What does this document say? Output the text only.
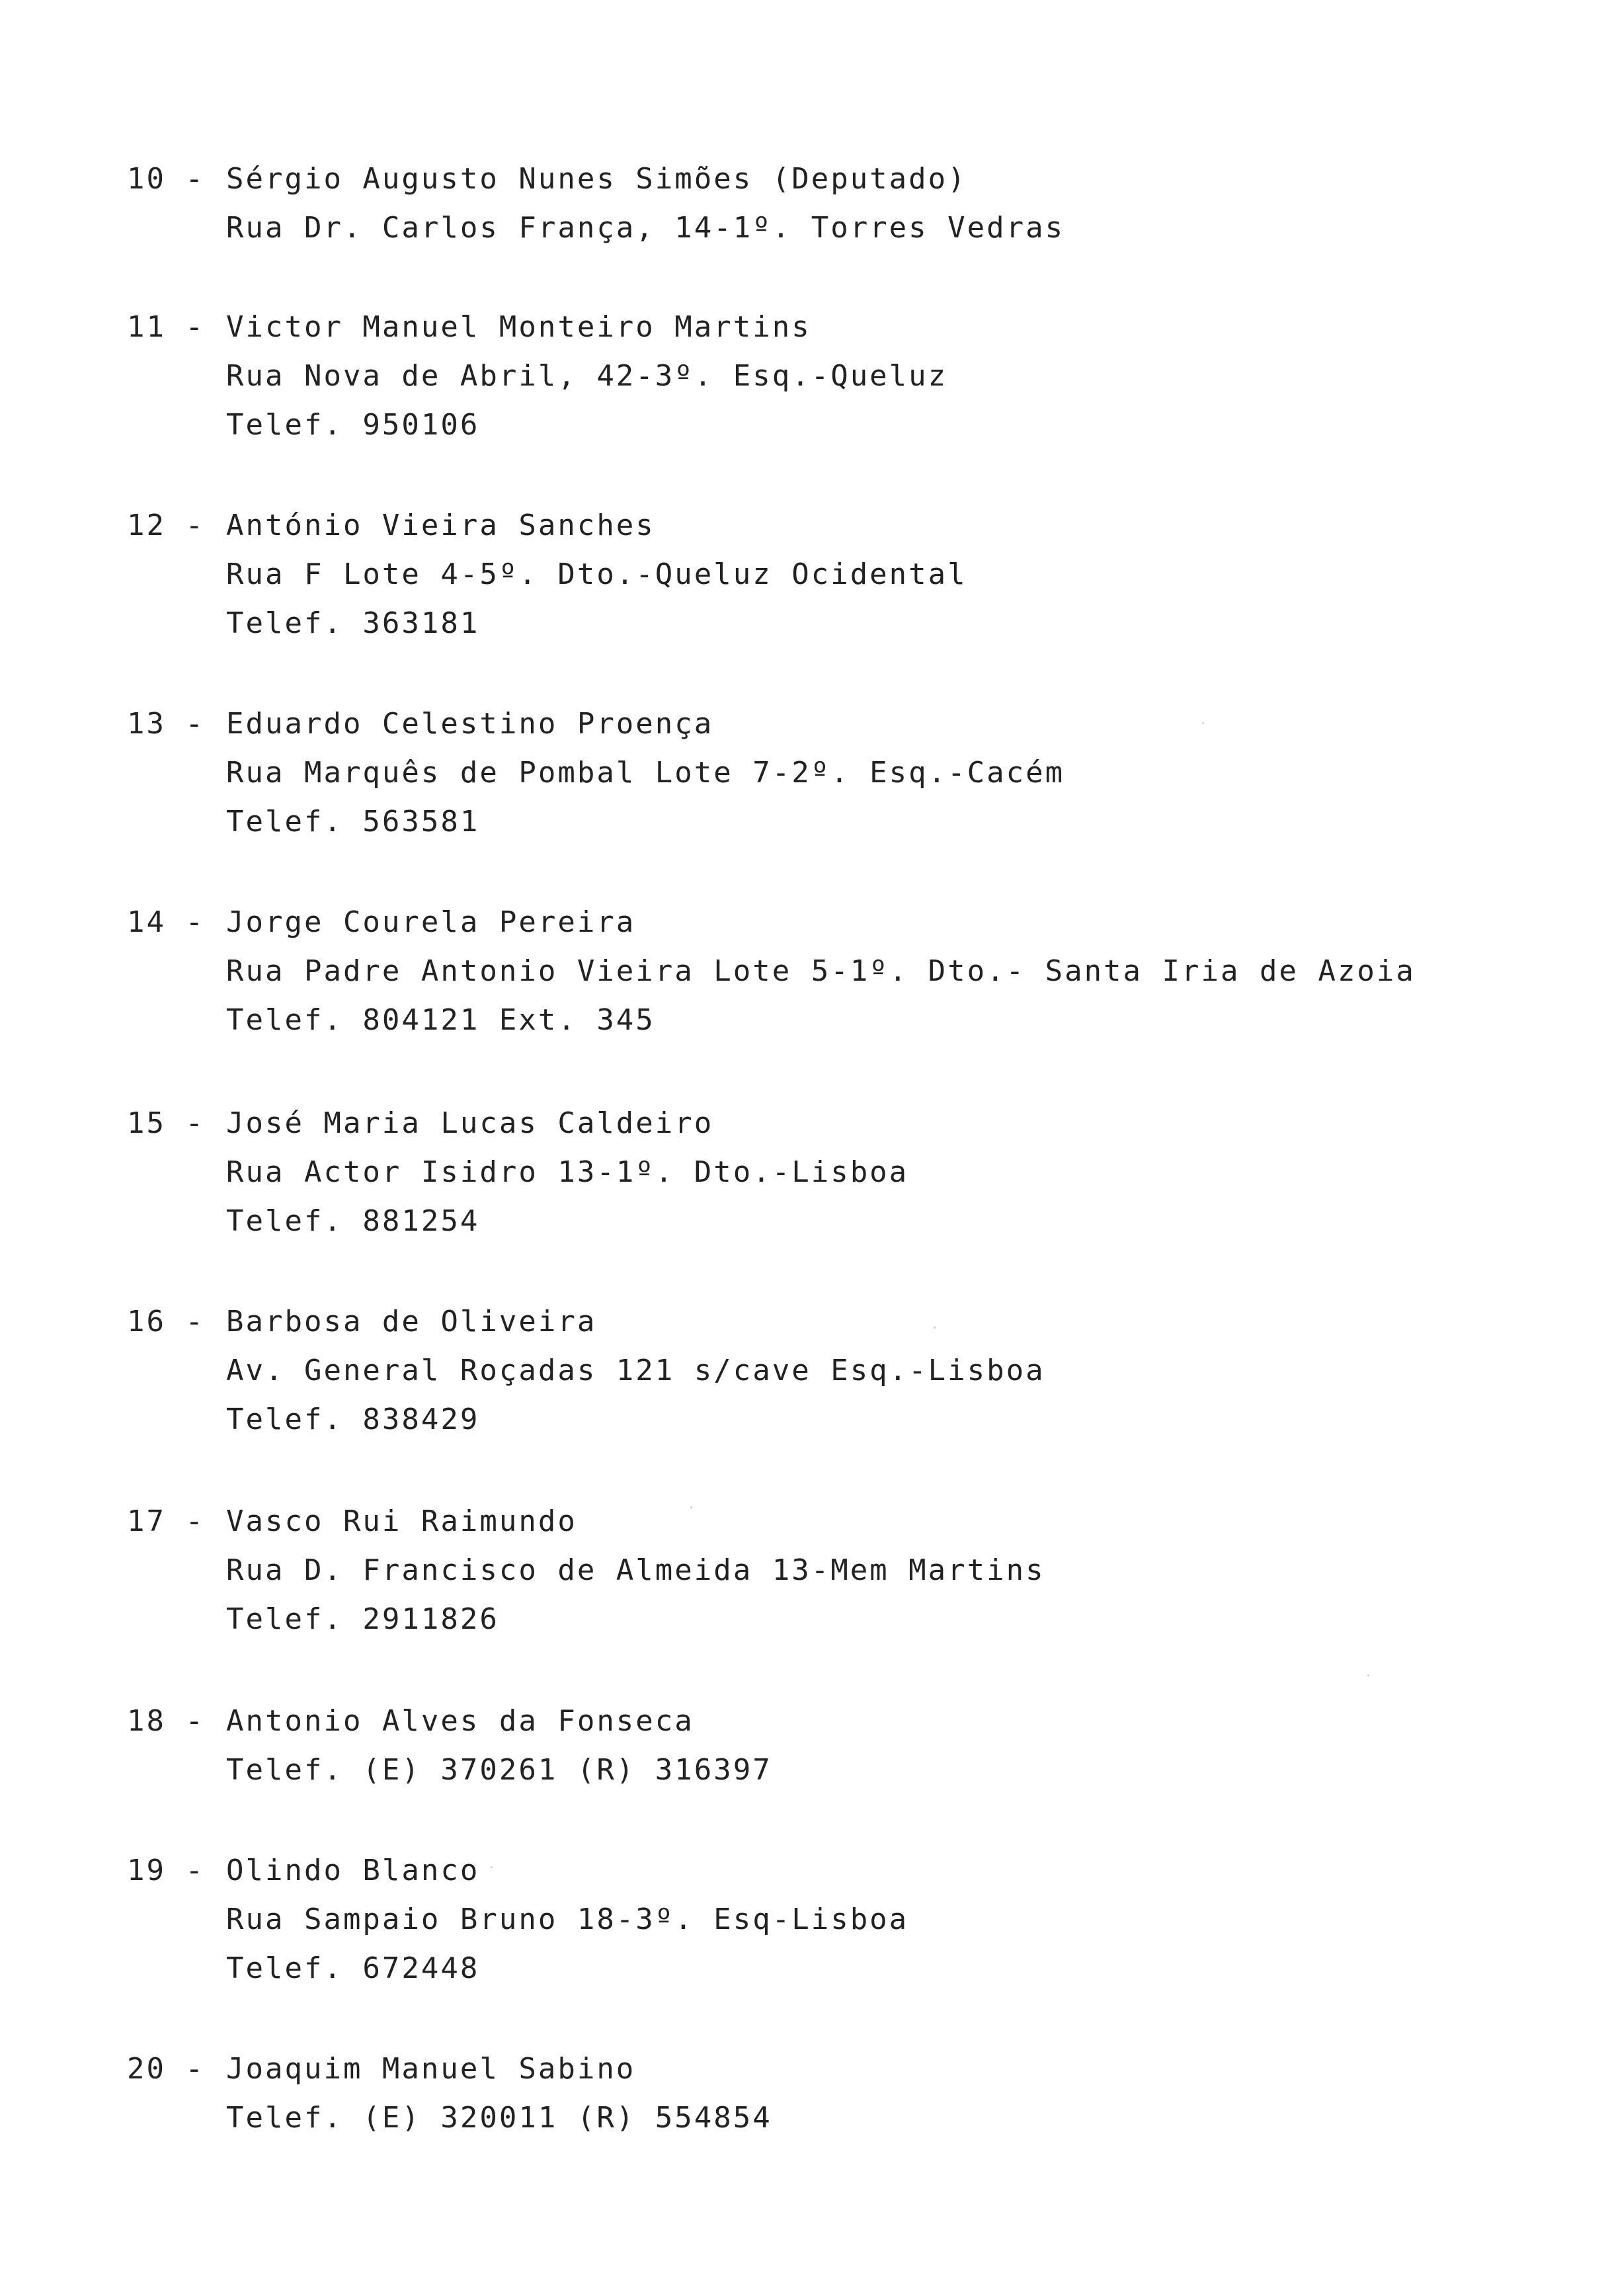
10 - Sérgio Augusto Nunes Simões (Deputado)
Rua Dr. Carlos França, 14-1º. Torres Vedras
11 - Victor Manuel Monteiro Martins
Rua Nova de Abril, 42-3º. Esq.-Queluz
Telef. 950106
12 - António Vieira Sanches
Rua F Lote 4-5º. Dto.-Queluz Ocidental
Telef. 363181
13 - Eduardo Celestino Proença
Rua Marquês de Pombal Lote 7-2º. Esq.-Cacém
Telef. 563581
14 - Jorge Courela Pereira
Rua Padre Antonio Vieira Lote 5-1º. Dto.- Santa Iria de Azoia
Telef. 804121 Ext. 345
15 - José Maria Lucas Caldeiro
Rua Actor Isidro 13-1º. Dto.-Lisboa
Telef. 881254
16 - Barbosa de Oliveira
Av. General Roçadas 121 s/cave Esq.-Lisboa
Telef. 838429
17 - Vasco Rui Raimundo
Rua D. Francisco de Almeida 13-Mem Martins
Telef. 2911826
18 - Antonio Alves da Fonseca
Telef. (E) 370261 (R) 316397
19 - Olindo Blanco
Rua Sampaio Bruno 18-3º. Esq-Lisboa
Telef. 672448
20 - Joaquim Manuel Sabino
Telef. (E) 320011 (R) 554854
